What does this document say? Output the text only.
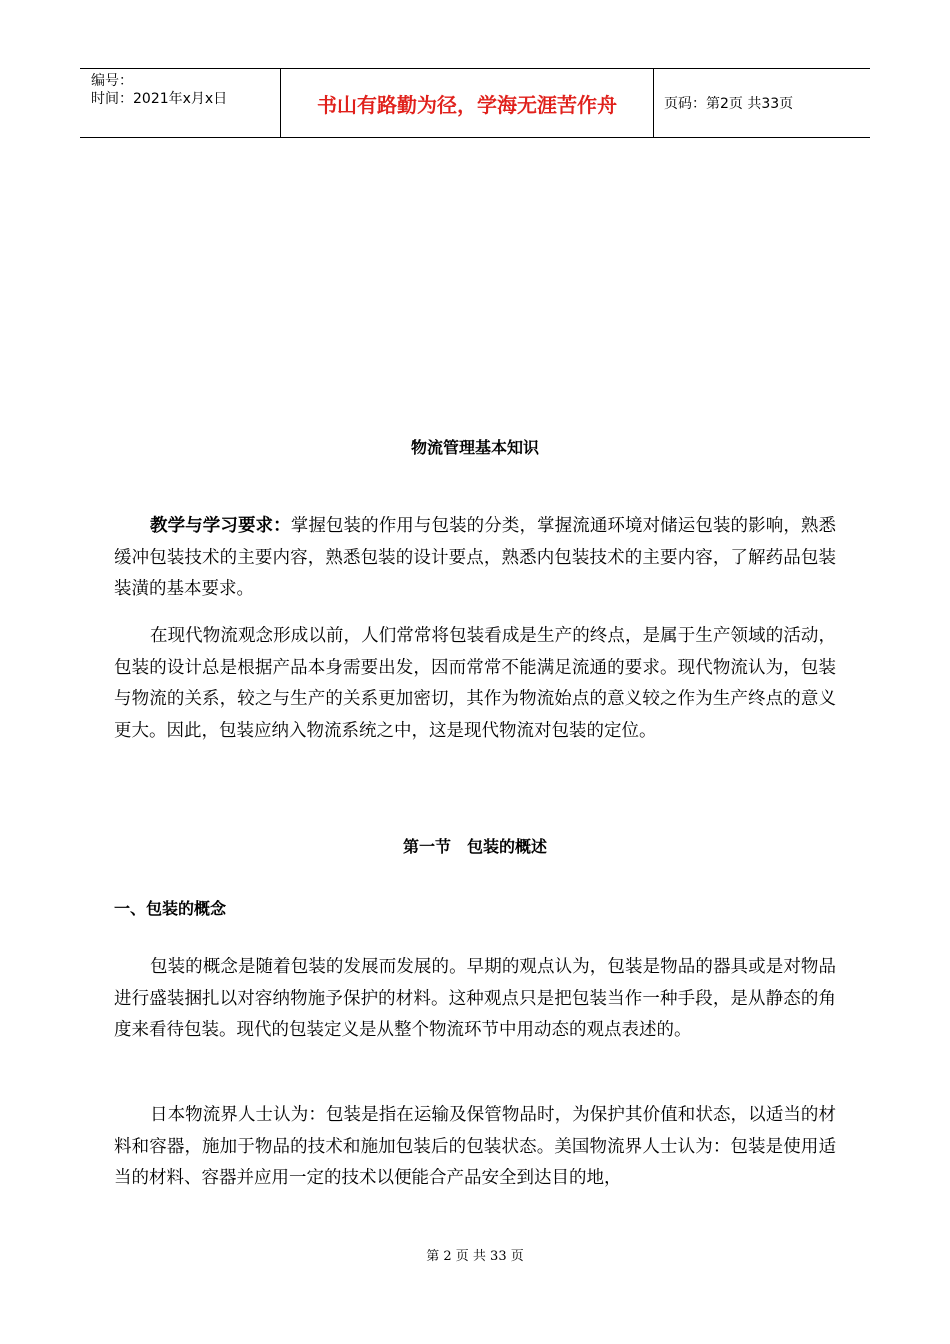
编号：
时间：2021年x月x日	书山有路勤为径，学海无涯苦作舟	页码：第2页 共33页
物流管理基本知识

教学与学习要求：掌握包装的作用与包装的分类，掌握流通环境对储运包装的影响，熟悉缓冲包装技术的主要内容，熟悉包装的设计要点，熟悉内包装技术的主要内容，了解药品包装装潢的基本要求。

在现代物流观念形成以前，人们常常将包装看成是生产的终点，是属于生产领域的活动，包装的设计总是根据产品本身需要出发，因而常常不能满足流通的要求。现代物流认为，包装与物流的关系，较之与生产的关系更加密切，其作为物流始点的意义较之作为生产终点的意义更大。因此，包装应纳入物流系统之中，这是现代物流对包装的定位。

第一节　包装的概述
一、包装的概念

包装的概念是随着包装的发展而发展的。早期的观点认为，包装是物品的器具或是对物品进行盛装捆扎以对容纳物施予保护的材料。这种观点只是把包装当作一种手段，是从静态的角度来看待包装。现代的包装定义是从整个物流环节中用动态的观点表述的。

日本物流界人士认为：包装是指在运输及保管物品时，为保护其价值和状态，以适当的材料和容器，施加于物品的技术和施加包装后的包装状态。美国物流界人士认为：包装是使用适当的材料、容器并应用一定的技术以便能合产品安全到达目的地，

第 2 页 共 33 页
